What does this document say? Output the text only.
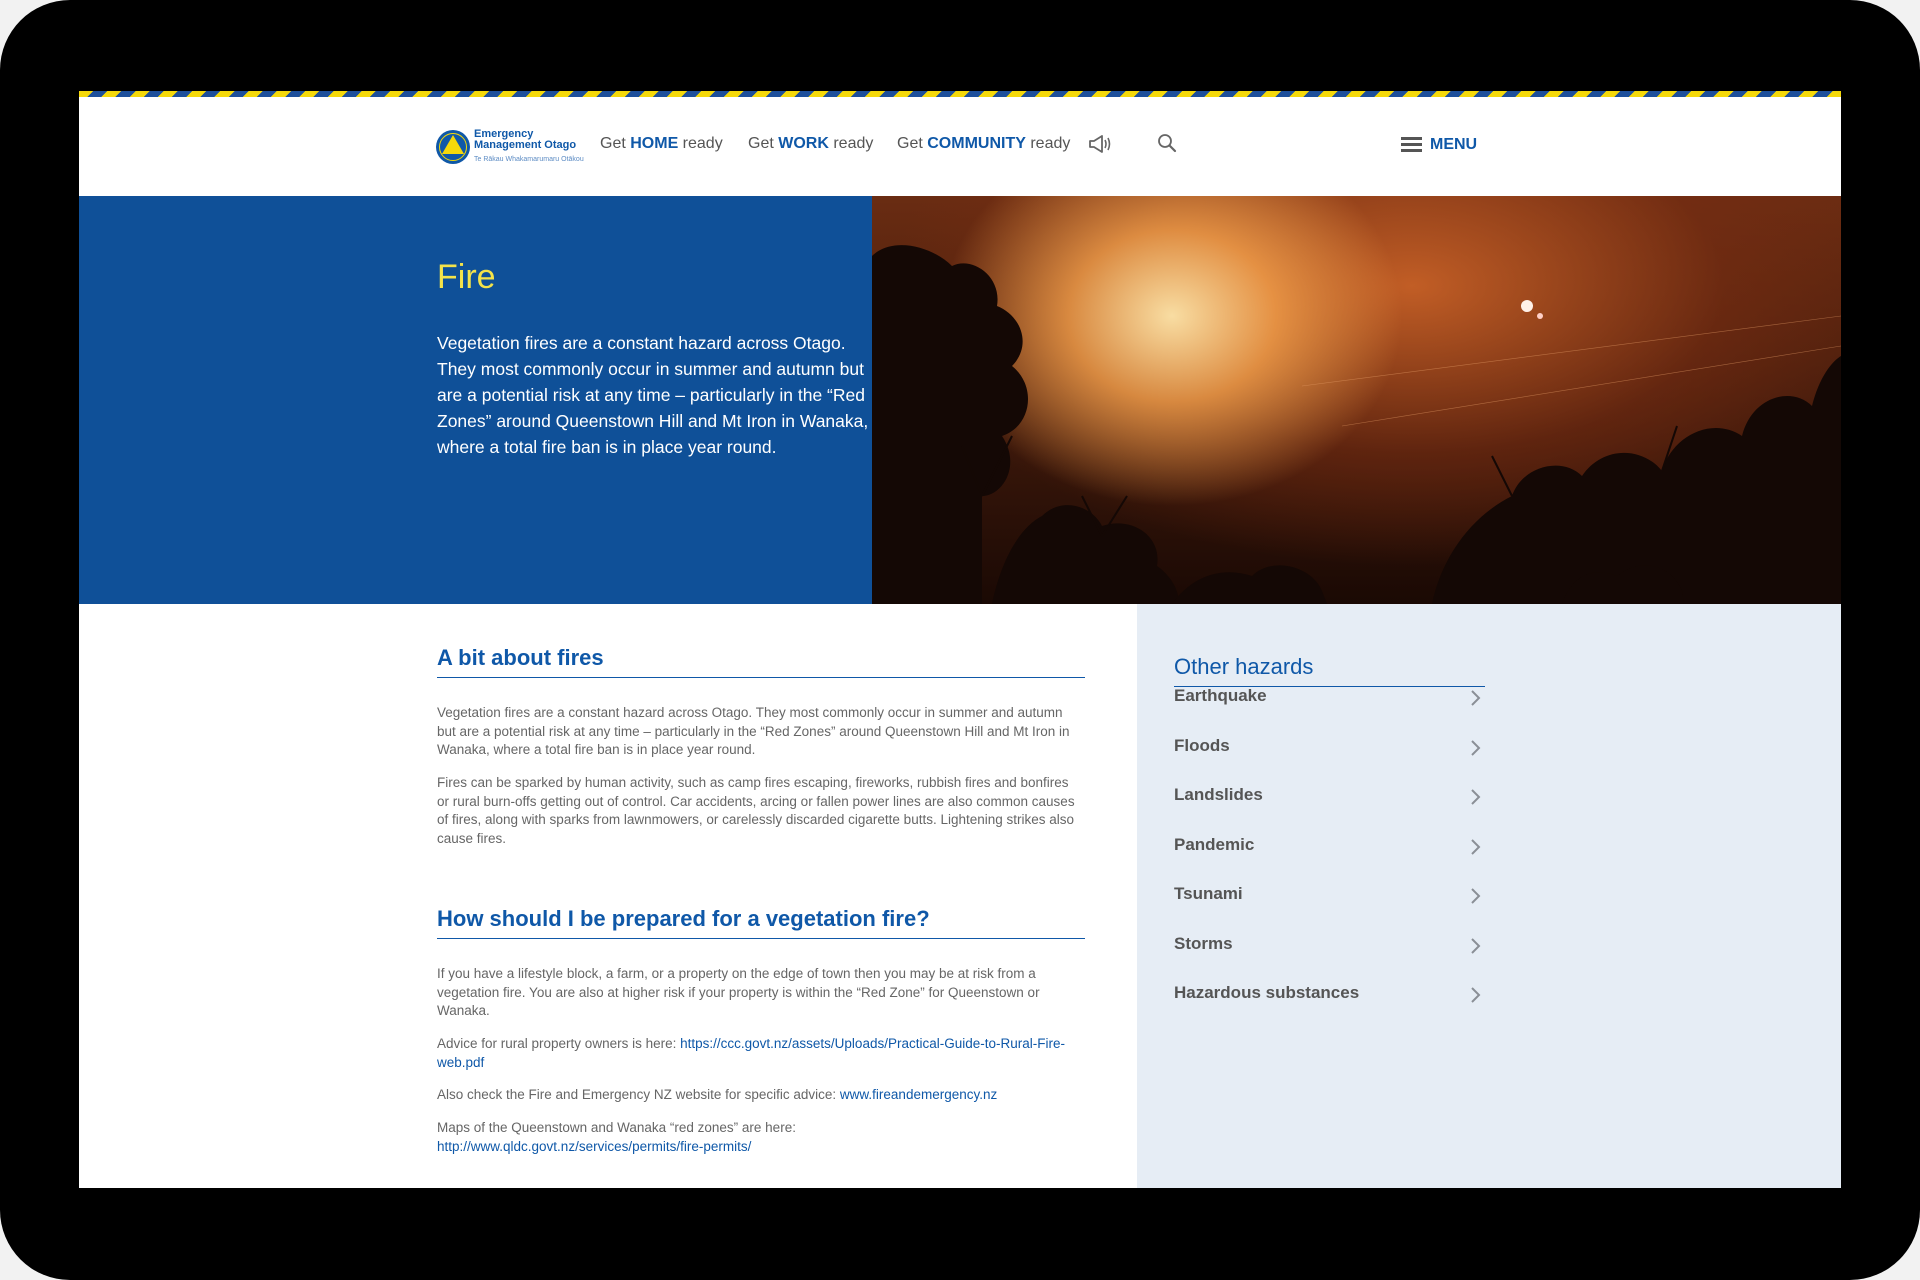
Emergency
Management Otago
Te Rākau Whakamarumaru Otākou
Get HOME ready Get WORK ready Get COMMUNITY ready	MENU
Fire

Vegetation fires are a constant hazard across Otago. They most commonly occur in summer and autumn but are a potential risk at any time – particularly in the “Red Zones” around Queenstown Hill and Mt Iron in Wanaka, where a total fire ban is in place year round.

A bit about fires

Vegetation fires are a constant hazard across Otago. They most commonly occur in summer and autumn but are a potential risk at any time – particularly in the “Red Zones” around Queenstown Hill and Mt Iron in Wanaka, where a total fire ban is in place year round.

Fires can be sparked by human activity, such as camp fires escaping, fireworks, rubbish fires and bonfires or rural burn-offs getting out of control. Car accidents, arcing or fallen power lines are also common causes of fires, along with sparks from lawnmowers, or carelessly discarded cigarette butts. Lightening strikes also cause fires.

How should I be prepared for a vegetation fire?

If you have a lifestyle block, a farm, or a property on the edge of town then you may be at risk from a vegetation fire. You are also at higher risk if your property is within the “Red Zone” for Queenstown or Wanaka.

Advice for rural property owners is here: https://ccc.govt.nz/assets/Uploads/Practical-Guide-to-Rural-Fire-web.pdf

Also check the Fire and Emergency NZ website for specific advice: www.fireandemergency.nz

Maps of the Queenstown and Wanaka “red zones” are here:
http://www.qldc.govt.nz/services/permits/fire-permits/

Other hazards
Earthquake
Floods
Landslides
Pandemic
Tsunami
Storms
Hazardous substances
